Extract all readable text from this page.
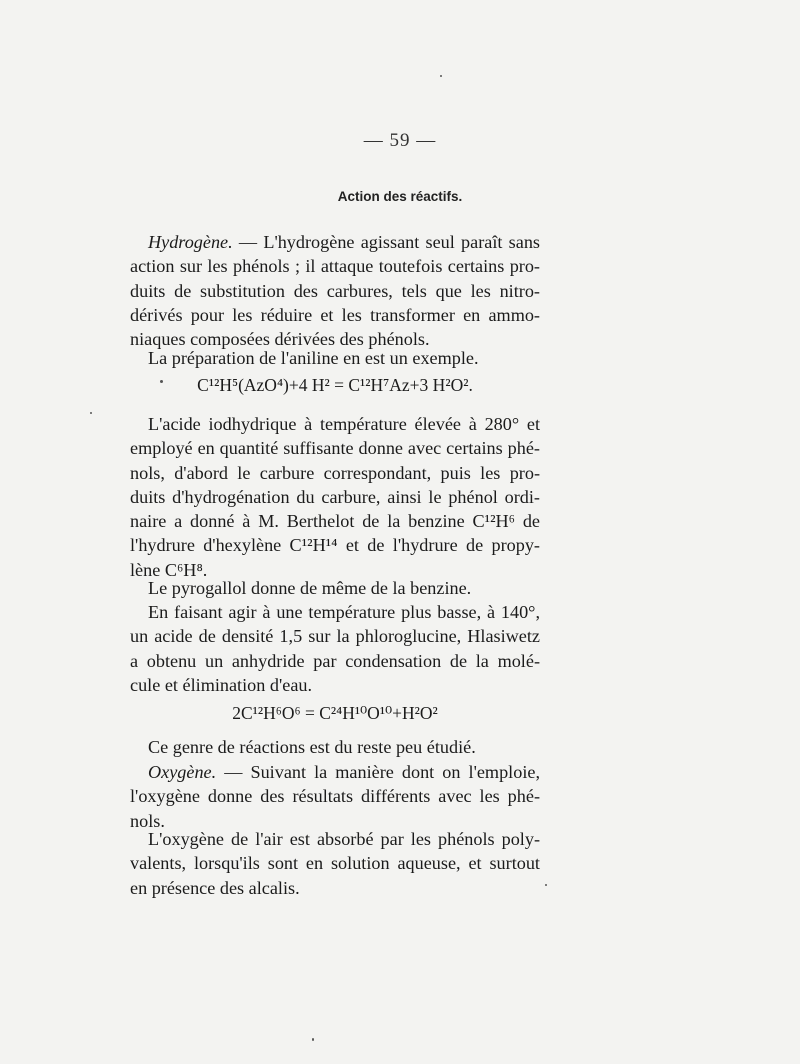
— 59 —
Action des réactifs.
Hydrogène. — L'hydrogène agissant seul paraît sans
action sur les phénols ; il attaque toutefois certains pro-
duits de substitution des carbures, tels que les nitro-
dérivés pour les réduire et les transformer en ammo-
niaques composées dérivées des phénols.
La préparation de l'aniline en est un exemple.
C¹²H⁵(AzO⁴)+4 H² = C¹²H⁷Az+3 H²O².
L'acide iodhydrique à température élevée à 280° et
employé en quantité suffisante donne avec certains phé-
nols, d'abord le carbure correspondant, puis les pro-
duits d'hydrogénation du carbure, ainsi le phénol ordi-
naire a donné à M. Berthelot de la benzine C¹²H⁶ de
l'hydrure d'hexylène C¹²H¹⁴ et de l'hydrure de propy-
lène C⁶H⁸.
Le pyrogallol donne de même de la benzine.
En faisant agir à une température plus basse, à 140°,
un acide de densité 1,5 sur la phloroglucine, Hlasiwetz
a obtenu un anhydride par condensation de la molé-
cule et élimination d'eau.
2C¹²H⁶O⁶ = C²⁴H¹⁰O¹⁰+H²O²
Ce genre de réactions est du reste peu étudié.
Oxygène. — Suivant la manière dont on l'emploie,
l'oxygène donne des résultats différents avec les phé-
nols.
L'oxygène de l'air est absorbé par les phénols poly-
valents, lorsqu'ils sont en solution aqueuse, et surtout
en présence des alcalis.
